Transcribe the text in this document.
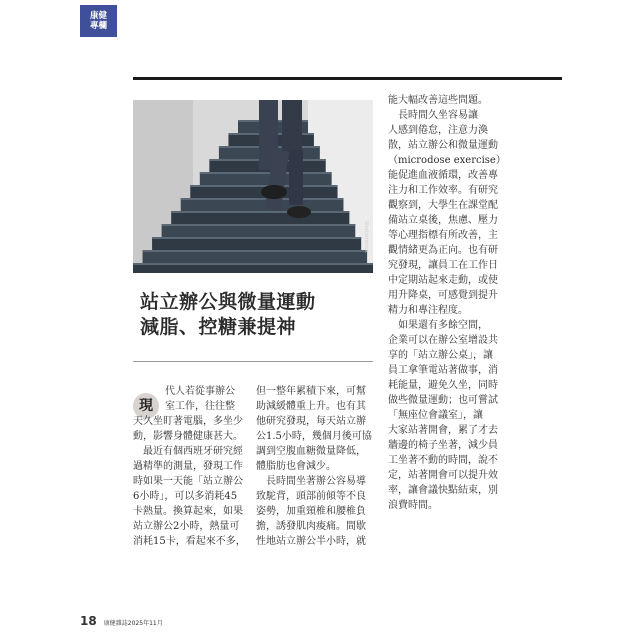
康健
專欄
Shutterstock
站立辦公與微量運動
減脂、控糖兼提神
現
代人若從事辦公
室工作，往往整
天久坐盯著電腦，多坐少
動，影響身體健康甚大。
　最近有個西班牙研究經
過精準的測量，發現工作
時如果一天能「站立辦公
6小時」，可以多消耗45
卡熱量。換算起來，如果
站立辦公2小時，熱量可
消耗15卡，看起來不多，
但一整年累積下來，可幫
助減緩體重上升。也有其
他研究發現，每天站立辦
公1.5小時，幾個月後可協
調到空腹血糖微量降低，
體脂肪也會減少。
　長時間坐著辦公容易導
致駝背，頭部前傾等不良
姿勢，加重頸椎和腰椎負
擔，誘發肌肉痠痛。間歇
性地站立辦公半小時，就
能大幅改善這些問題。
　長時間久坐容易讓
人感到倦怠，注意力渙
散，站立辦公和微量運動
（microdose exercise）
能促進血液循環，改善專
注力和工作效率。有研究
觀察到，大學生在課堂配
備站立桌後，焦慮、壓力
等心理指標有所改善，主
觀情緒更為正向。也有研
究發現，讓員工在工作日
中定期站起來走動，或使
用升降桌，可感覺到提升
精力和專注程度。
　如果還有多餘空間，
企業可以在辦公室增設共
享的「站立辦公桌」，讓
員工拿筆電站著做事，消
耗能量，避免久坐，同時
做些微量運動；也可嘗試
「無座位會議室」，讓
大家站著開會，累了才去
牆邊的椅子坐著，減少員
工坐著不動的時間，說不
定，站著開會可以提升效
率，讓會議快點結束，別
浪費時間。
18 康健雜誌2025年11月
